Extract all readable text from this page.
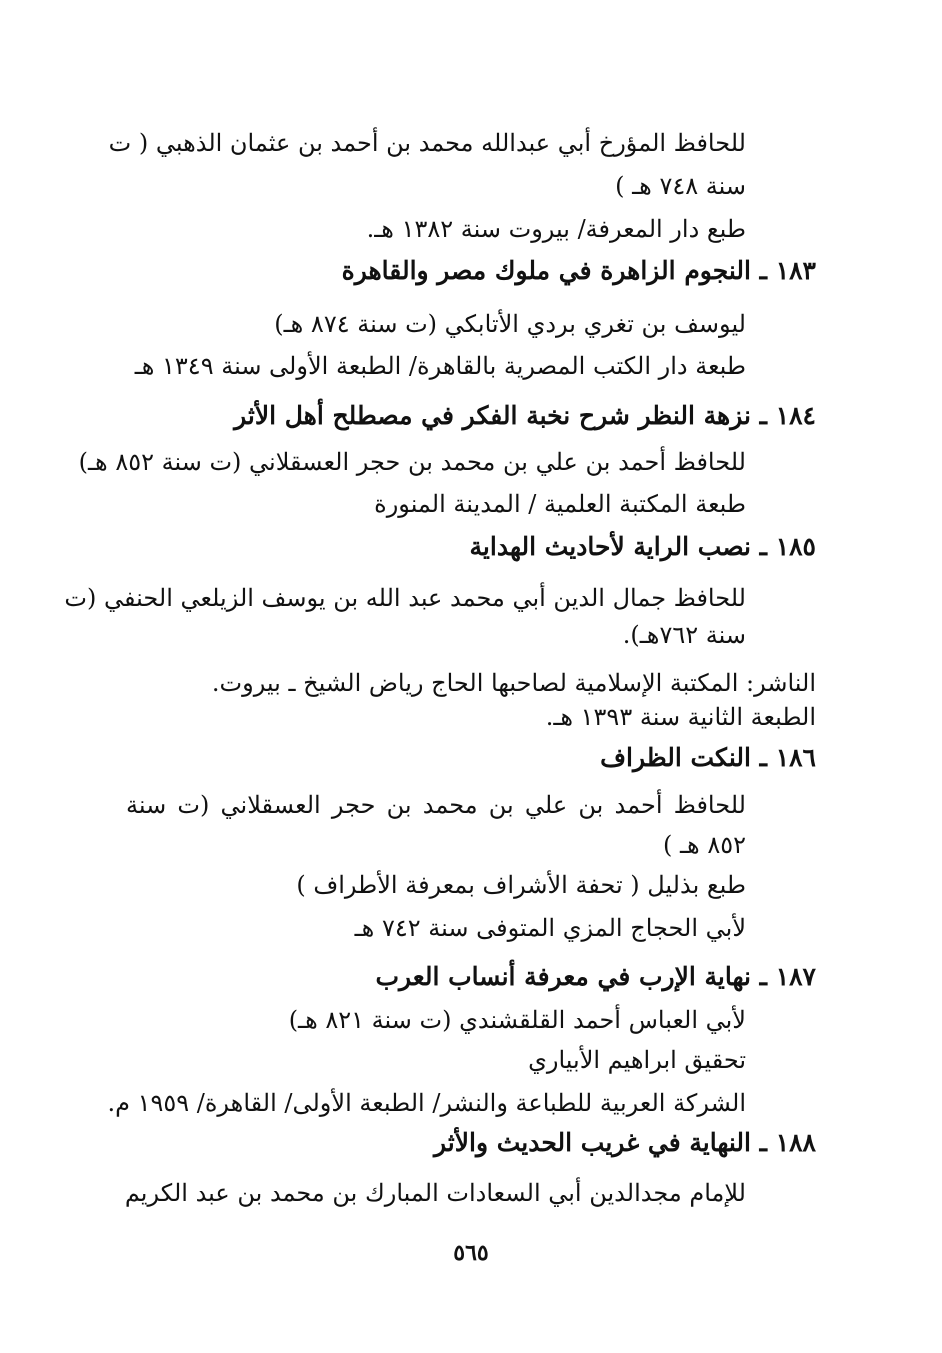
للحافظ المؤرخ أبي عبدالله محمد بن أحمد بن عثمان الذهبي ( ت
سنة ٧٤٨ هـ )
طبع دار المعرفة/ بيروت سنة ١٣٨٢ هـ.
١٨٣ ـ النجوم الزاهرة في ملوك مصر والقاهرة
ليوسف بن تغري بردي الأتابكي (ت سنة ٨٧٤ هـ)
طبعة دار الكتب المصرية بالقاهرة/ الطبعة الأولى سنة ١٣٤٩ هـ
١٨٤ ـ نزهة النظر شرح نخبة الفكر في مصطلح أهل الأثر
للحافظ أحمد بن علي بن محمد بن حجر العسقلاني (ت سنة ٨٥٢ هـ)
طبعة المكتبة العلمية / المدينة المنورة
١٨٥ ـ نصب الراية لأحاديث الهداية
للحافظ جمال الدين أبي محمد عبد الله بن يوسف الزيلعي الحنفي (ت
سنة ٧٦٢هـ).
الناشر: المكتبة الإسلامية لصاحبها الحاج رياض الشيخ ـ بيروت.
الطبعة الثانية سنة ١٣٩٣ هـ.
١٨٦ ـ النكت الظراف
للحافظ أحمد بن علي بن محمد بن حجر العسقلاني (ت سنة
٨٥٢ هـ )
طبع بذليل ( تحفة الأشراف بمعرفة الأطراف )
لأبي الحجاج المزي المتوفى سنة ٧٤٢ هـ
١٨٧ ـ نهاية الإرب في معرفة أنساب العرب
لأبي العباس أحمد القلقشندي (ت سنة ٨٢١ هـ)
تحقيق ابراهيم الأبياري
الشركة العربية للطباعة والنشر/ الطبعة الأولى/ القاهرة/ ١٩٥٩ م.
١٨٨ ـ النهاية في غريب الحديث والأثر
للإمام مجدالدين أبي السعادات المبارك بن محمد بن عبد الكريم
٥٦٥
